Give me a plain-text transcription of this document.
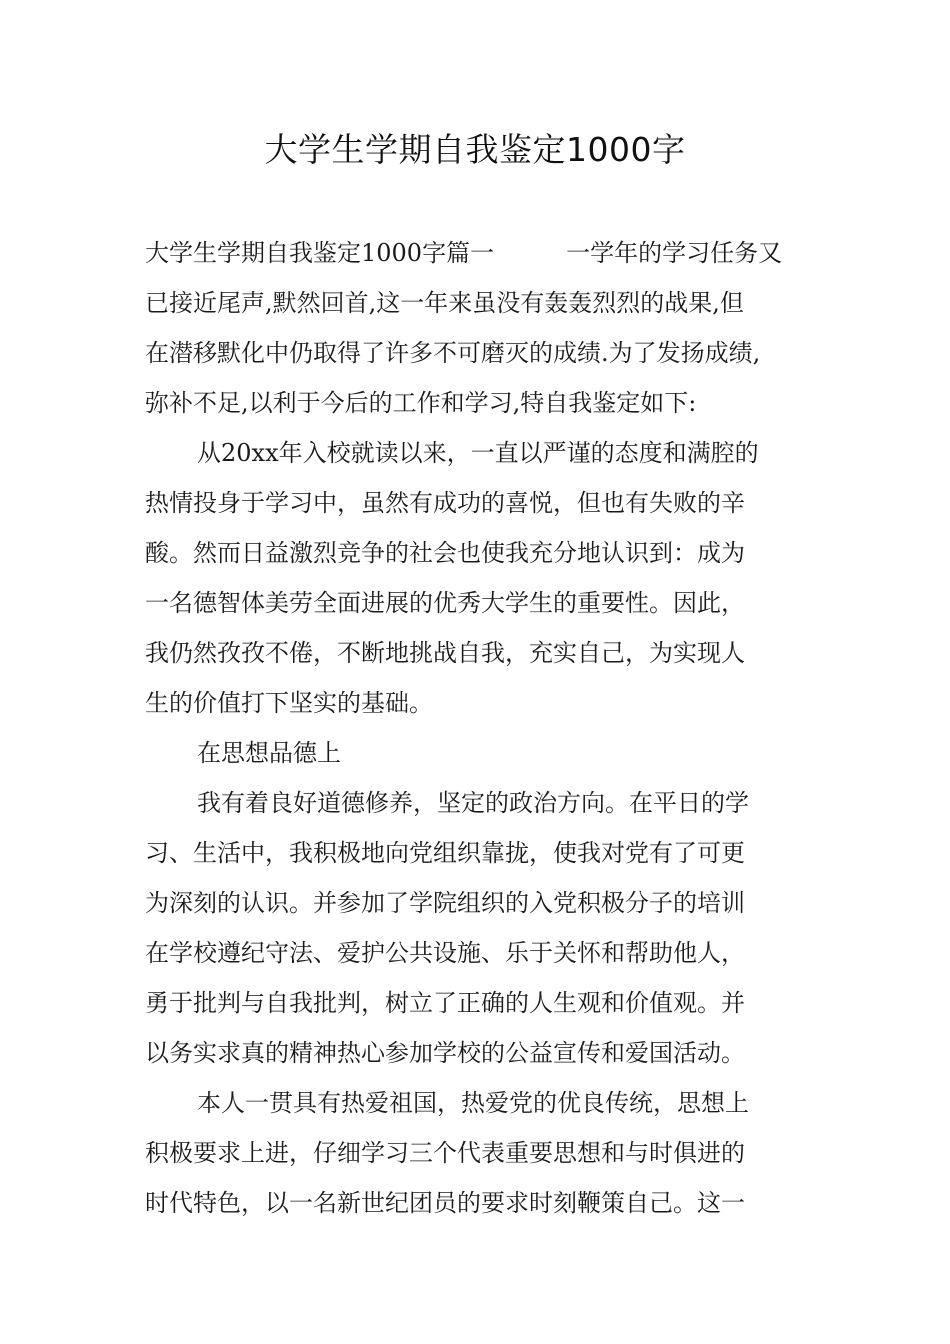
大学生学期自我鉴定1000字
大学生学期自我鉴定1000字篇一	一学年的学习任务又
已接近尾声,默然回首,这一年来虽没有轰轰烈烈的战果,但
在潜移默化中仍取得了许多不可磨灭的成绩.为了发扬成绩,
弥补不足,以利于今后的工作和学习,特自我鉴定如下:
从20xx年入校就读以来，一直以严谨的态度和满腔的
热情投身于学习中，虽然有成功的喜悦，但也有失败的辛
酸。然而日益激烈竞争的社会也使我充分地认识到：成为
一名德智体美劳全面进展的优秀大学生的重要性。因此，
我仍然孜孜不倦，不断地挑战自我，充实自己，为实现人
生的价值打下坚实的基础。
在思想品德上
我有着良好道德修养，坚定的政治方向。在平日的学
习、生活中，我积极地向党组织靠拢，使我对党有了可更
为深刻的认识。并参加了学院组织的入党积极分子的培训
在学校遵纪守法、爱护公共设施、乐于关怀和帮助他人，
勇于批判与自我批判，树立了正确的人生观和价值观。并
以务实求真的精神热心参加学校的公益宣传和爱国活动。
本人一贯具有热爱祖国，热爱党的优良传统，思想上
积极要求上进，仔细学习三个代表重要思想和与时俱进的
时代特色，以一名新世纪团员的要求时刻鞭策自己。这一
